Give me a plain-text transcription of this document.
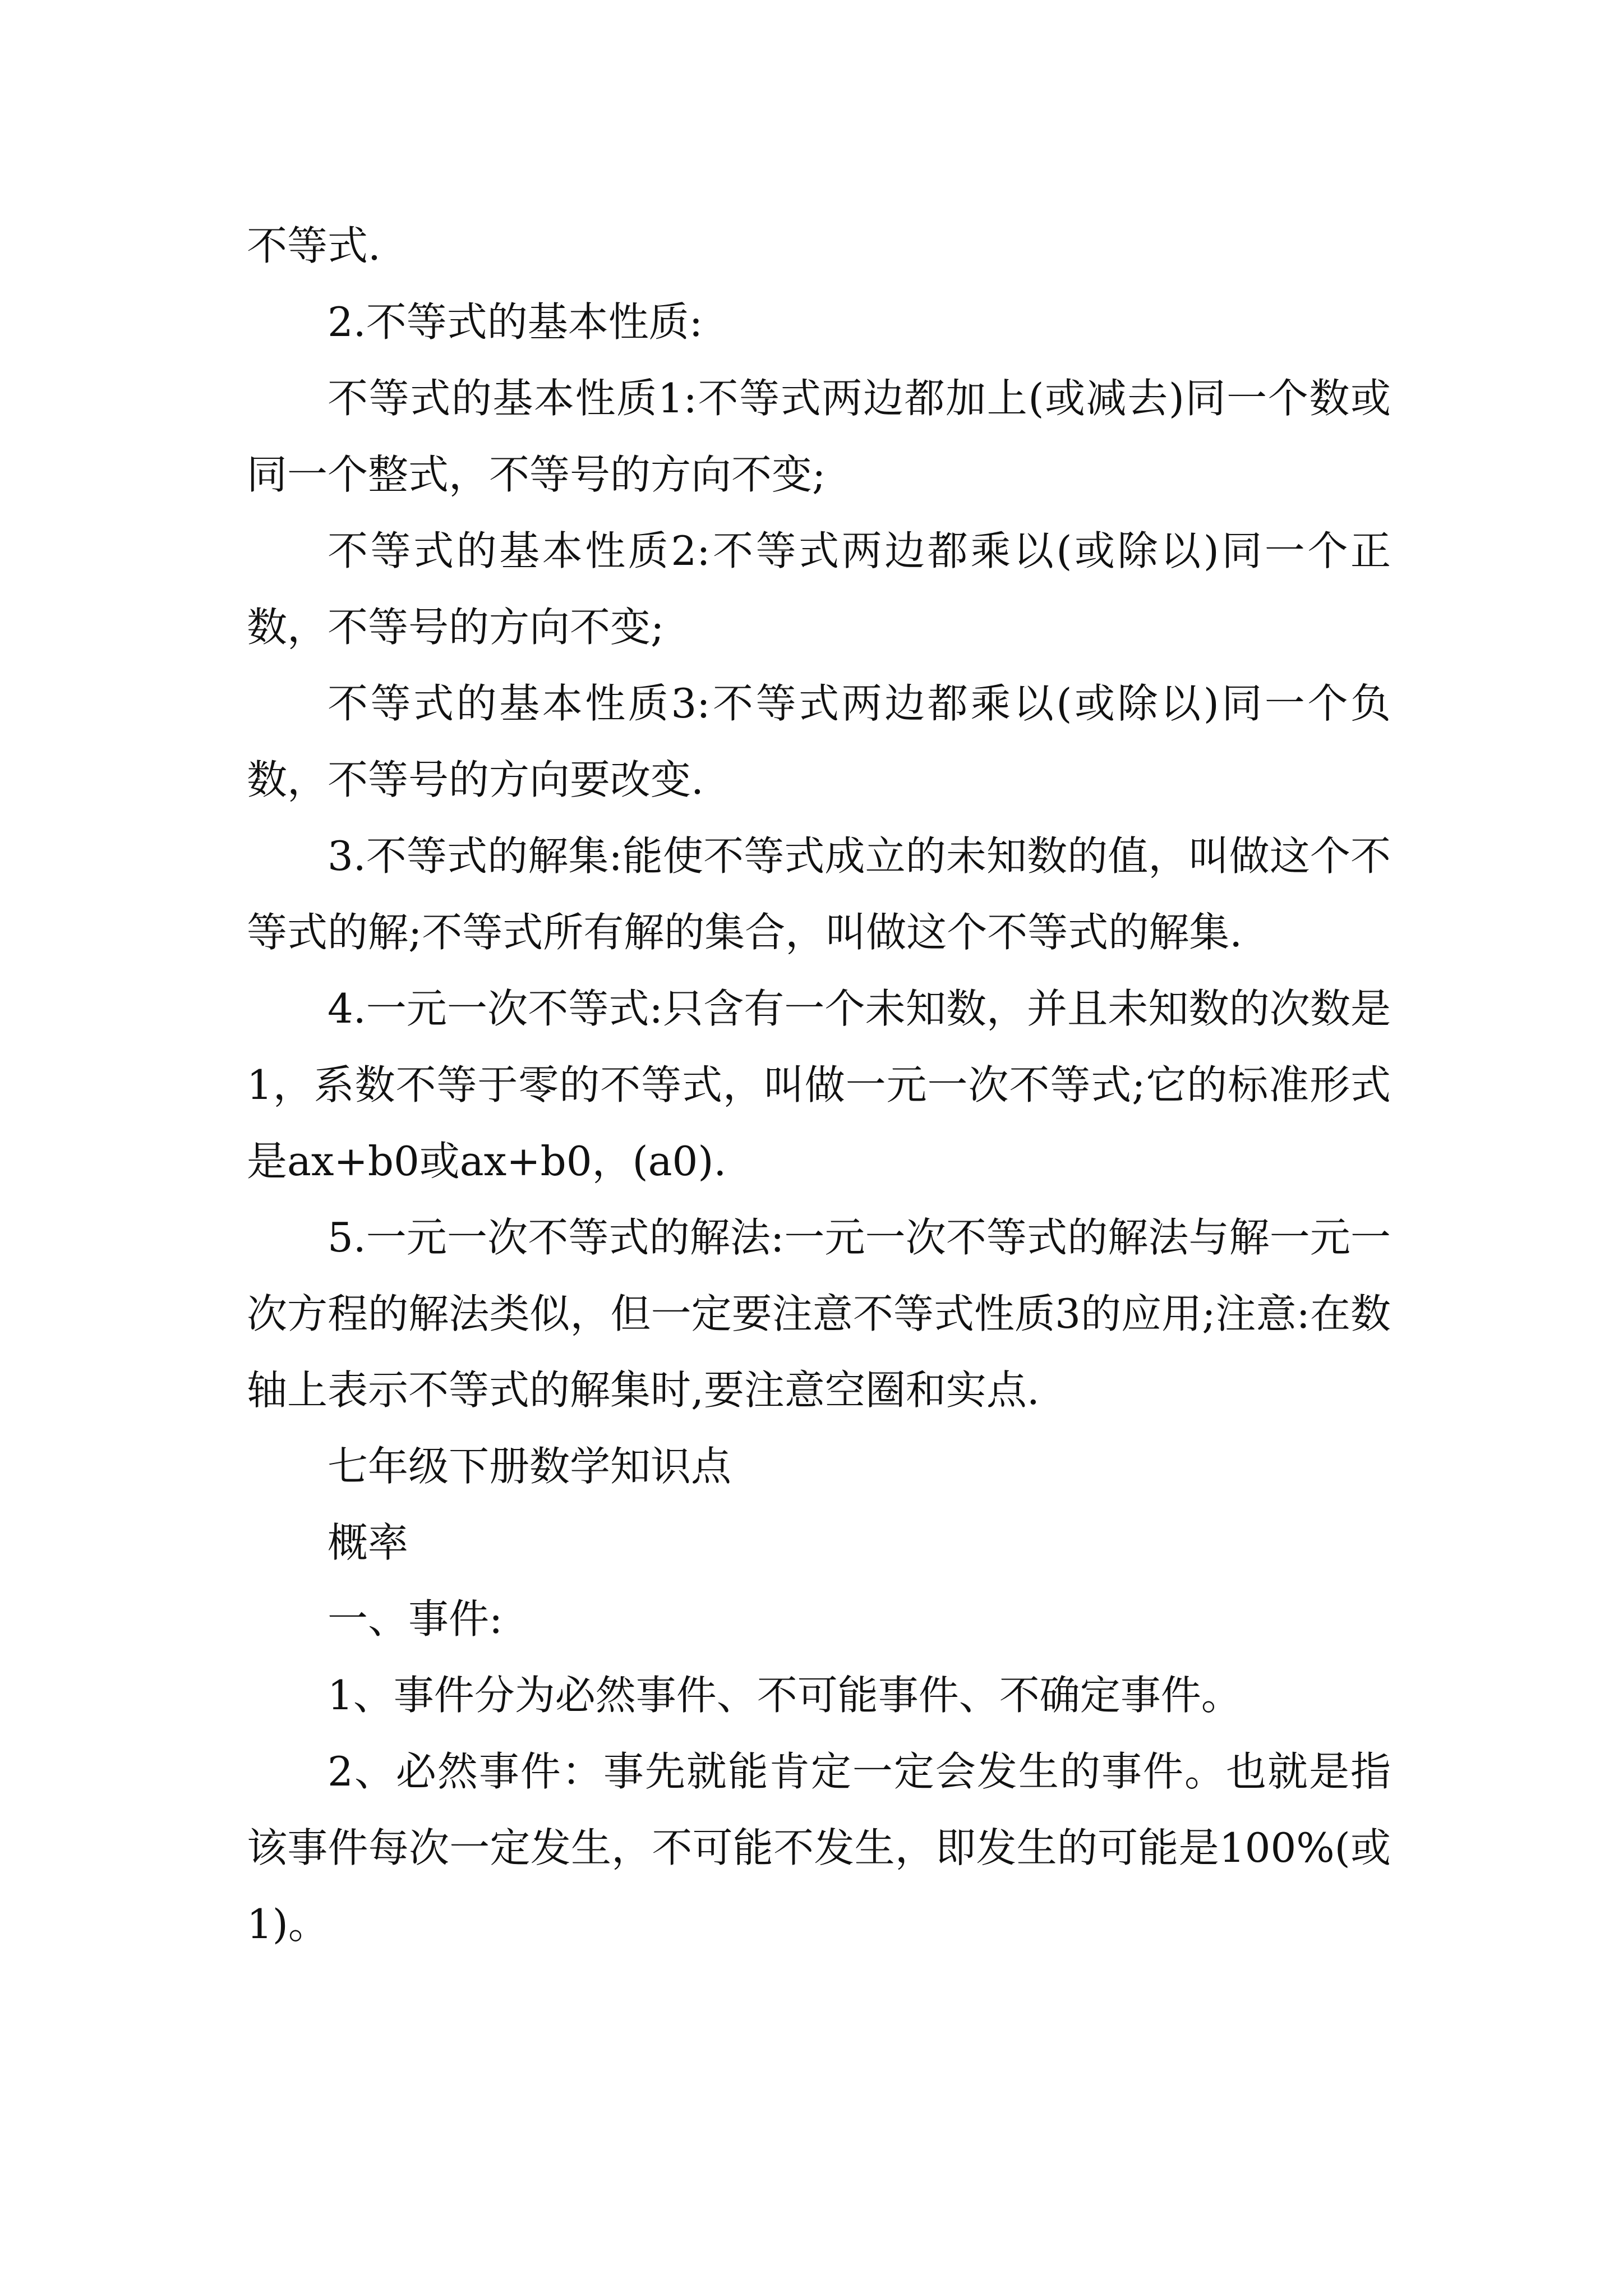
不等式.

2.不等式的基本性质:

不等式的基本性质1:不等式两边都加上(或减去)同一个数或同一个整式，不等号的方向不变;

不等式的基本性质2:不等式两边都乘以(或除以)同一个正数，不等号的方向不变;

不等式的基本性质3:不等式两边都乘以(或除以)同一个负数，不等号的方向要改变.

3.不等式的解集:能使不等式成立的未知数的值，叫做这个不等式的解;不等式所有解的集合，叫做这个不等式的解集.

4.一元一次不等式:只含有一个未知数，并且未知数的次数是1，系数不等于零的不等式，叫做一元一次不等式;它的标准形式是ax+b0或ax+b0，(a0).

5.一元一次不等式的解法:一元一次不等式的解法与解一元一次方程的解法类似，但一定要注意不等式性质3的应用;注意:在数轴上表示不等式的解集时,要注意空圈和实点.

七年级下册数学知识点

概率

一、事件:

1、事件分为必然事件、不可能事件、不确定事件。

2、必然事件：事先就能肯定一定会发生的事件。也就是指该事件每次一定发生，不可能不发生，即发生的可能是100%(或1)。
